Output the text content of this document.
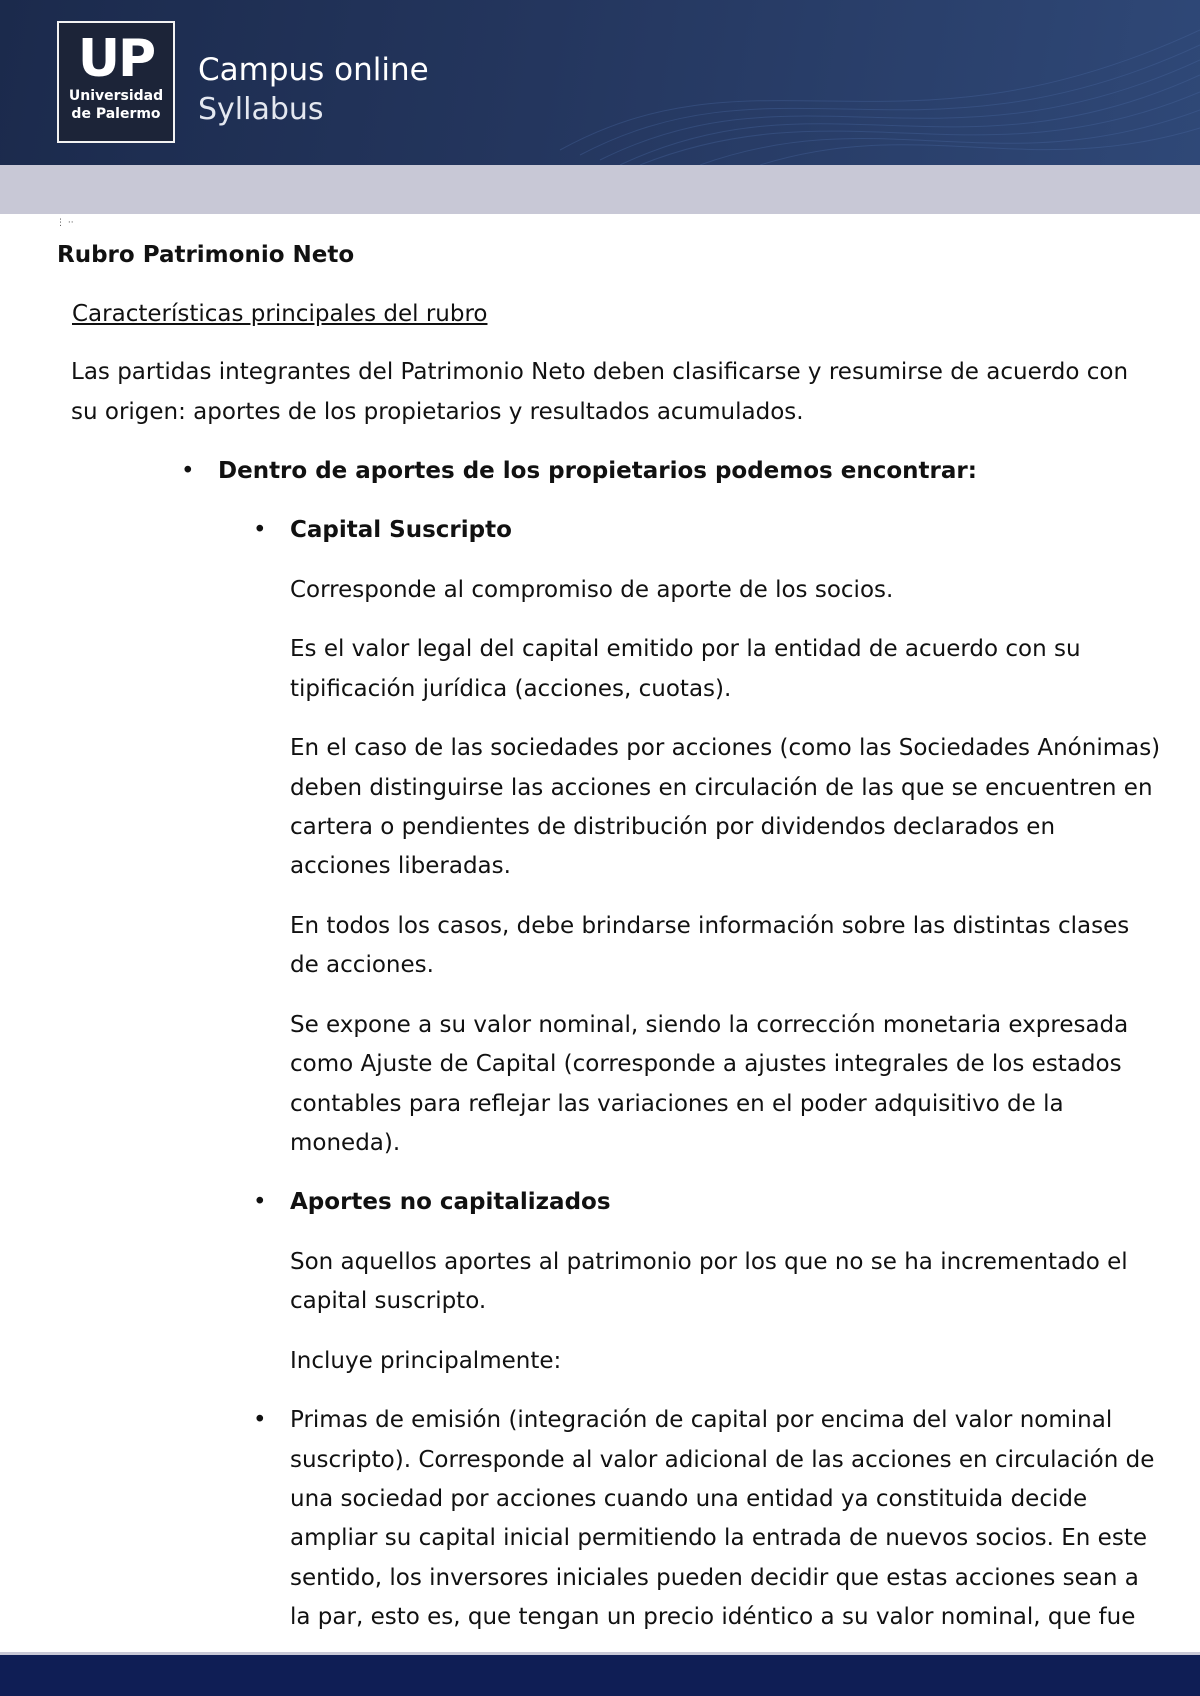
UP
Universidad
de Palermo
Campus online
Syllabus
⋮ ··

Rubro Patrimonio Neto

Características principales del rubro

Las partidas integrantes del Patrimonio Neto deben clasificarse y resumirse de acuerdo con

su origen: aportes de los propietarios y resultados acumulados.

• Dentro de aportes de los propietarios podemos encontrar:

• Capital Suscripto

Corresponde al compromiso de aporte de los socios.

Es el valor legal del capital emitido por la entidad de acuerdo con su

tipificación jurídica (acciones, cuotas).

En el caso de las sociedades por acciones (como las Sociedades Anónimas)

deben distinguirse las acciones en circulación de las que se encuentren en

cartera o pendientes de distribución por dividendos declarados en

acciones liberadas.

En todos los casos, debe brindarse información sobre las distintas clases

de acciones.

Se expone a su valor nominal, siendo la corrección monetaria expresada

como Ajuste de Capital (corresponde a ajustes integrales de los estados

contables para reflejar las variaciones en el poder adquisitivo de la

moneda).

• Aportes no capitalizados

Son aquellos aportes al patrimonio por los que no se ha incrementado el

capital suscripto.

Incluye principalmente:

• Primas de emisión (integración de capital por encima del valor nominal

suscripto). Corresponde al valor adicional de las acciones en circulación de

una sociedad por acciones cuando una entidad ya constituida decide

ampliar su capital inicial permitiendo la entrada de nuevos socios. En este

sentido, los inversores iniciales pueden decidir que estas acciones sean a

la par, esto es, que tengan un precio idéntico a su valor nominal, que fue
